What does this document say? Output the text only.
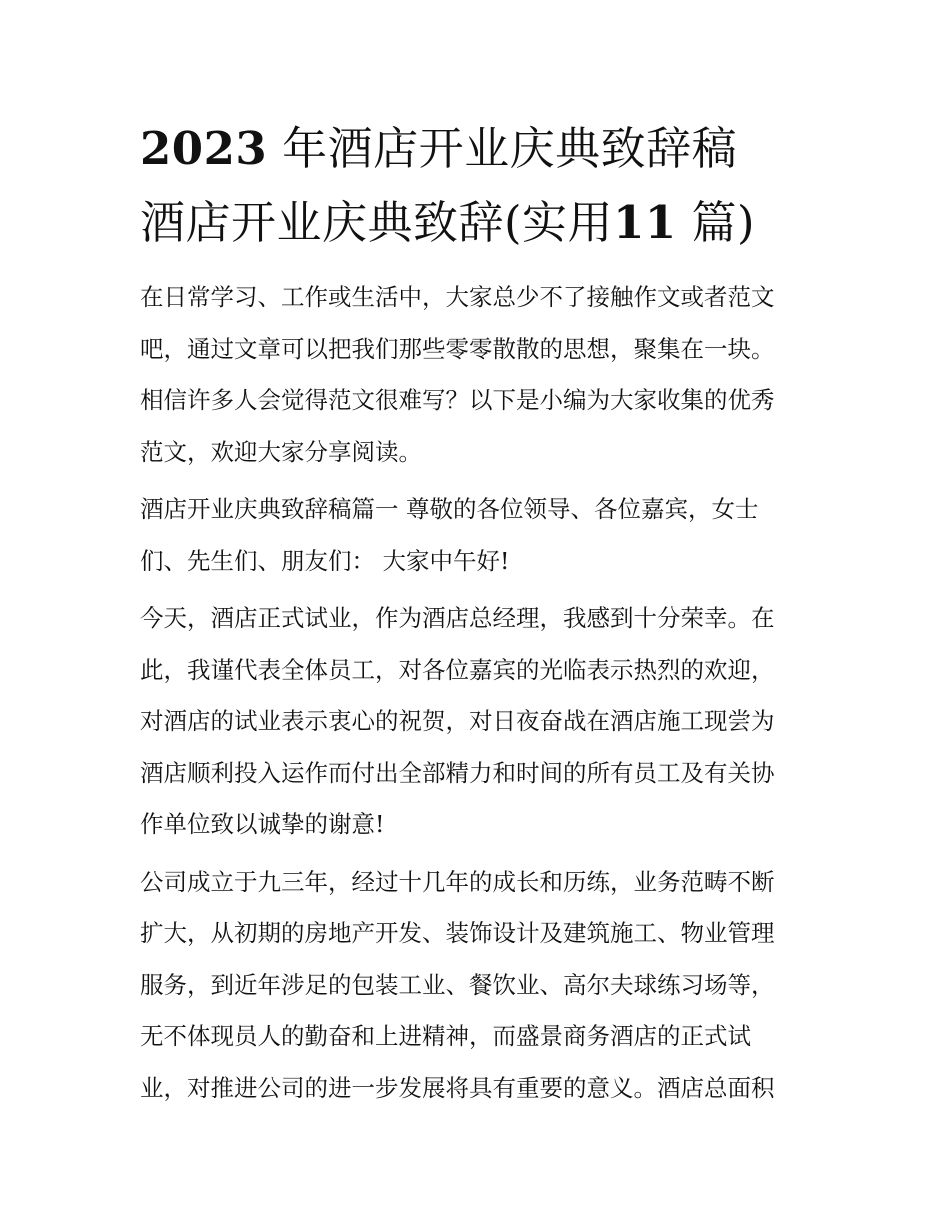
2023 年酒店开业庆典致辞稿
酒店开业庆典致辞(实用11 篇)
在日常学习、工作或生活中，大家总少不了接触作文或者范文
吧，通过文章可以把我们那些零零散散的思想，聚集在一块。
相信许多人会觉得范文很难写？以下是小编为大家收集的优秀
范文，欢迎大家分享阅读。
酒店开业庆典致辞稿篇一 尊敬的各位领导、各位嘉宾，女士
们、先生们、朋友们： 大家中午好!
今天，酒店正式试业，作为酒店总经理，我感到十分荣幸。在
此，我谨代表全体员工，对各位嘉宾的光临表示热烈的欢迎，
对酒店的试业表示衷心的祝贺，对日夜奋战在酒店施工现尝为
酒店顺利投入运作而付出全部精力和时间的所有员工及有关协
作单位致以诚挚的谢意!
公司成立于九三年，经过十几年的成长和历练，业务范畴不断
扩大，从初期的房地产开发、装饰设计及建筑施工、物业管理
服务，到近年涉足的包装工业、餐饮业、高尔夫球练习场等，
无不体现员人的勤奋和上进精神，而盛景商务酒店的正式试
业，对推进公司的进一步发展将具有重要的意义。酒店总面积
